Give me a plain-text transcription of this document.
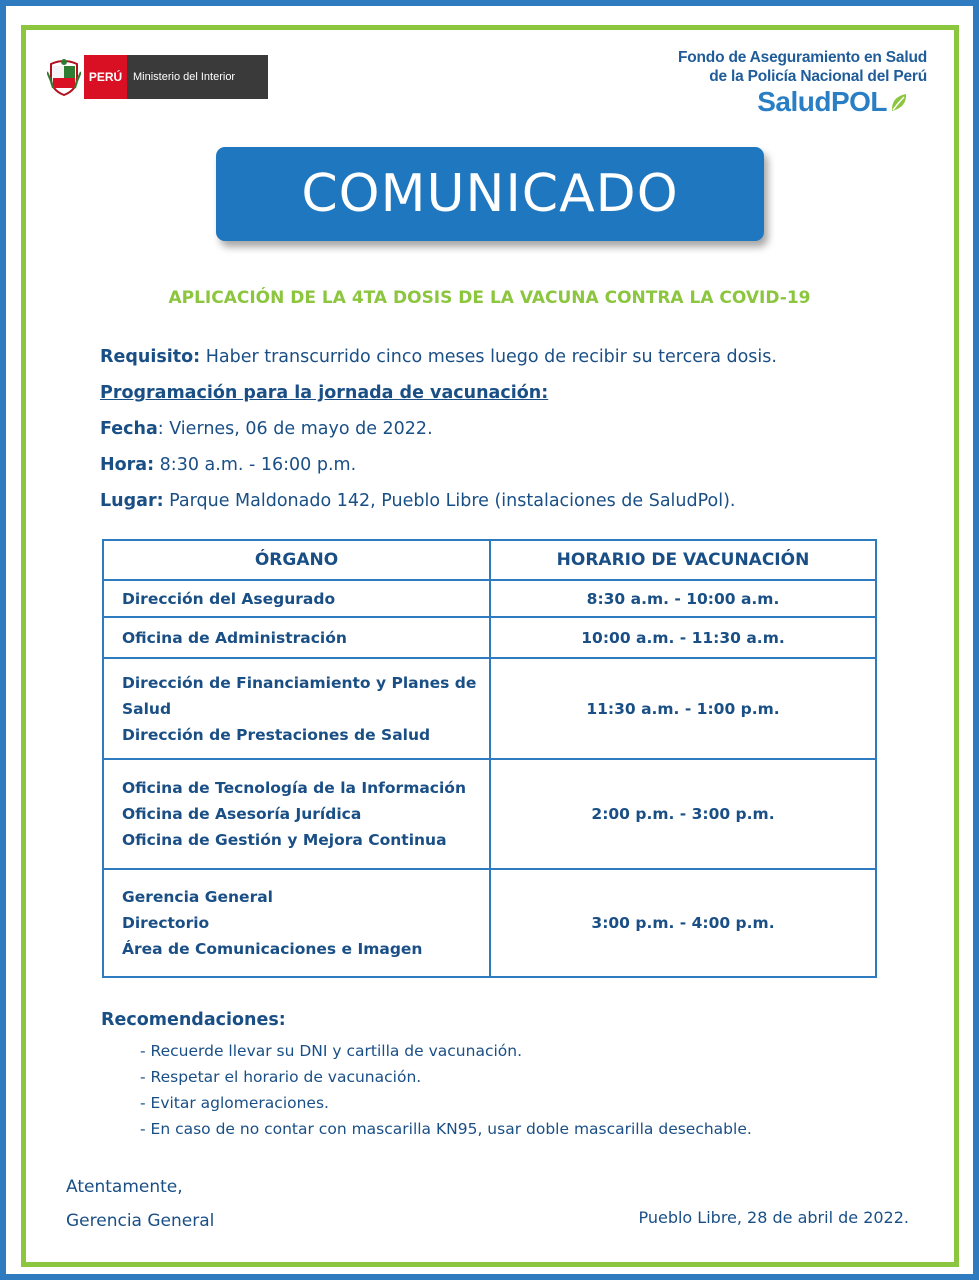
PERÚ Ministerio del Interior
Fondo de Aseguramiento en Salud
de la Policía Nacional del Perú
SaludPOL
COMUNICADO
APLICACIÓN DE LA 4TA DOSIS DE LA VACUNA CONTRA LA COVID-19
Requisito: Haber transcurrido cinco meses luego de recibir su tercera dosis.
Programación para la jornada de vacunación:
Fecha: Viernes, 06 de mayo de 2022.
Hora: 8:30 a.m. - 16:00 p.m.
Lugar: Parque Maldonado 142, Pueblo Libre (instalaciones de SaludPol).
ÓRGANO	HORARIO DE VACUNACIÓN

Dirección del Asegurado	8:30 a.m. - 10:00 a.m.

Oficina de Administración	10:00 a.m. - 11:30 a.m.

Dirección de Financiamiento y Planes de
Salud
Dirección de Prestaciones de Salud	11:30 a.m. - 1:00 p.m.

Oficina de Tecnología de la Información
Oficina de Asesoría Jurídica
Oficina de Gestión y Mejora Continua	2:00 p.m. - 3:00 p.m.

Gerencia General
Directorio
Área de Comunicaciones e Imagen	3:00 p.m. - 4:00 p.m.
Recomendaciones:
- Recuerde llevar su DNI y cartilla de vacunación.
- Respetar el horario de vacunación.
- Evitar aglomeraciones.
- En caso de no contar con mascarilla KN95, usar doble mascarilla desechable.
Atentamente,
Gerencia General	Pueblo Libre, 28 de abril de 2022.
